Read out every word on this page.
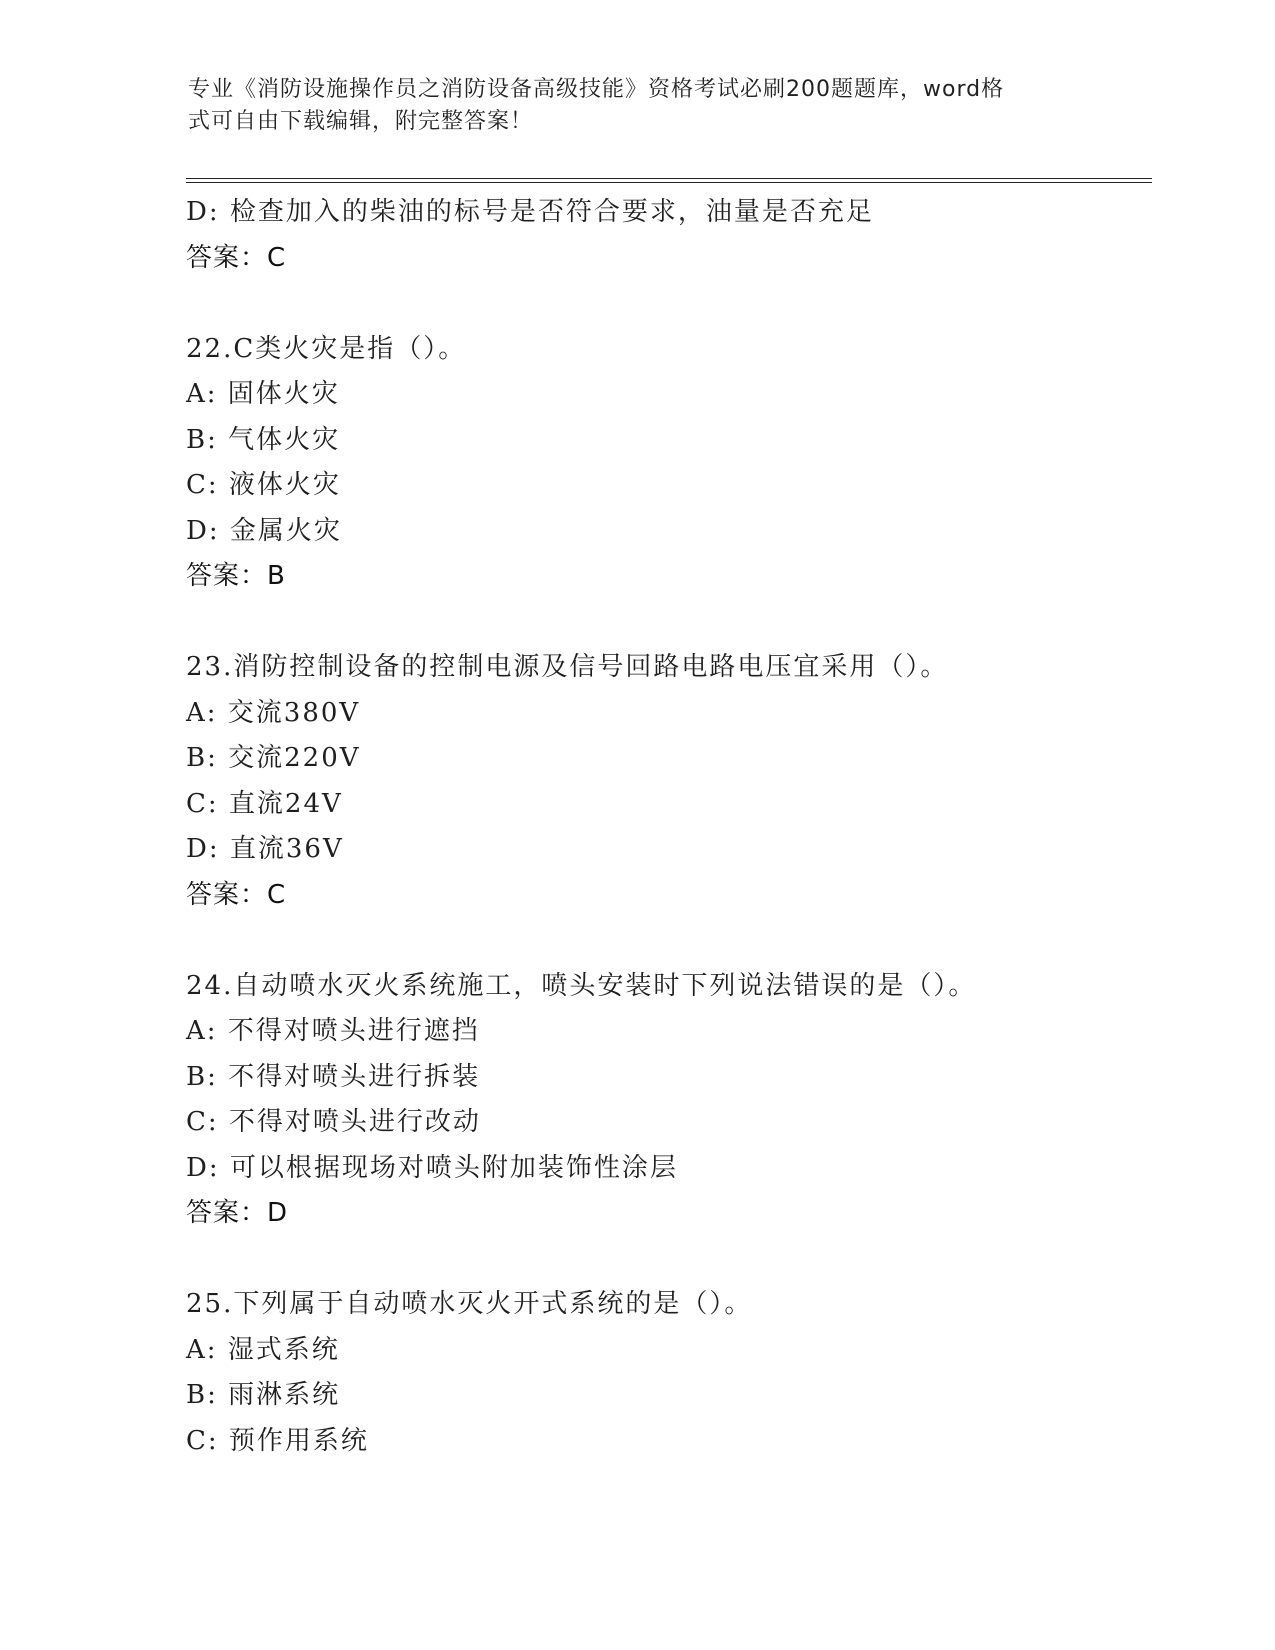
专业《消防设施操作员之消防设备高级技能》资格考试必刷200题题库，word格
式可自由下载编辑，附完整答案！
D: 检查加入的柴油的标号是否符合要求，油量是否充足
答案：C
22.C类火灾是指（）。
A: 固体火灾
B: 气体火灾
C: 液体火灾
D: 金属火灾
答案：B
23.消防控制设备的控制电源及信号回路电路电压宜采用（）。
A: 交流380V
B: 交流220V
C: 直流24V
D: 直流36V
答案：C
24.自动喷水灭火系统施工，喷头安装时下列说法错误的是（）。
A: 不得对喷头进行遮挡
B: 不得对喷头进行拆装
C: 不得对喷头进行改动
D: 可以根据现场对喷头附加装饰性涂层
答案：D
25.下列属于自动喷水灭火开式系统的是（）。
A: 湿式系统
B: 雨淋系统
C: 预作用系统
